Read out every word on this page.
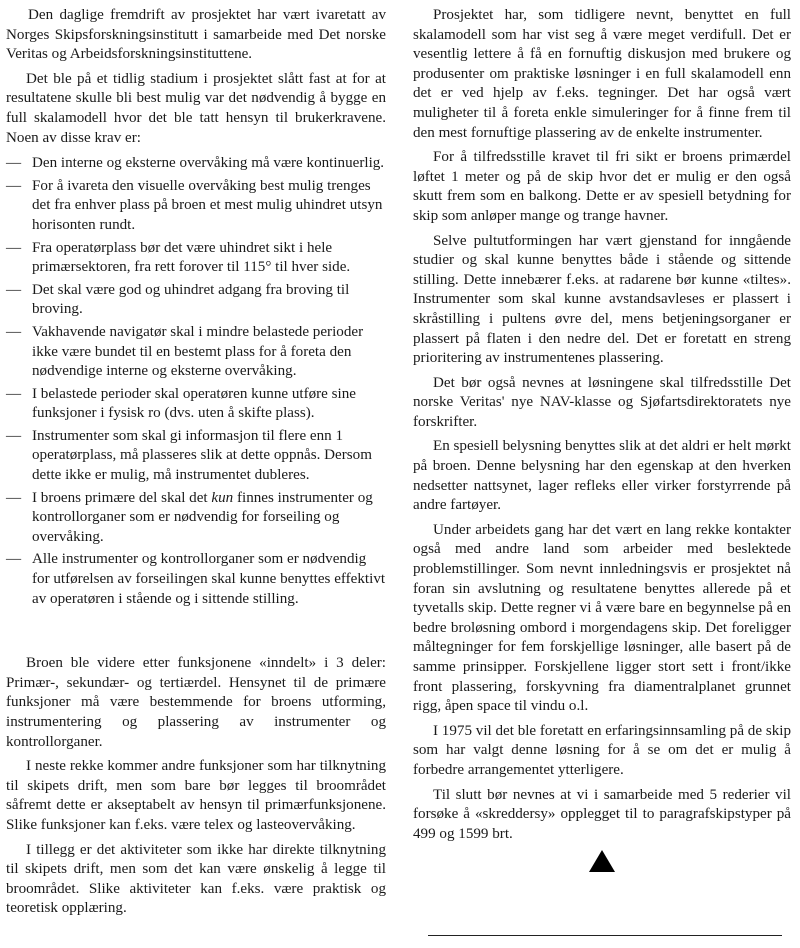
Den daglige fremdrift av prosjektet har vært ivaretatt av Norges Skipsforskningsinstitutt i samarbeide med Det norske Veritas og Arbeidsforskningsinstituttene.

Det ble på et tidlig stadium i prosjektet slått fast at for at resultatene skulle bli best mulig var det nødvendig å bygge en full skalamodell hvor det ble tatt hensyn til brukerkravene. Noen av disse krav er:

— Den interne og eksterne overvåking må være kontinuerlig.
— For å ivareta den visuelle overvåking best mulig trenges det fra enhver plass på broen et mest mulig uhindret utsyn horisonten rundt.
— Fra operatørplass bør det være uhindret sikt i hele primærsektoren, fra rett forover til 115° til hver side.
— Det skal være god og uhindret adgang fra broving til broving.
— Vakhavende navigatør skal i mindre belastede perioder ikke være bundet til en bestemt plass for å foreta den nødvendige interne og eksterne overvåking.
— I belastede perioder skal operatøren kunne utføre sine funksjoner i fysisk ro (dvs. uten å skifte plass).
— Instrumenter som skal gi informasjon til flere enn 1 operatørplass, må plasseres slik at dette oppnås. Dersom dette ikke er mulig, må instrumentet dubleres.
— I broens primære del skal det kun finnes instrumenter og kontrollorganer som er nødvendig for forseiling og overvåking.
— Alle instrumenter og kontrollorganer som er nødvendig for utførelsen av forseilingen skal kunne benyttes effektivt av operatøren i stående og i sittende stilling.

Broen ble videre etter funksjonene «inndelt» i 3 deler: Primær-, sekundær- og tertiærdel. Hensynet til de primære funksjoner må være bestemmende for broens utforming, instrumentering og plassering av instrumenter og kontrollorganer.

I neste rekke kommer andre funksjoner som har tilknytning til skipets drift, men som bare bør legges til broområdet såfremt dette er akseptabelt av hensyn til primærfunksjonene. Slike funksjoner kan f.eks. være telex og lasteovervåking.

I tillegg er det aktiviteter som ikke har direkte tilknytning til skipets drift, men som det kan være ønskelig å legge til broområdet. Slike aktiviteter kan f.eks. være praktisk og teoretisk opplæring.

Prosjektet har, som tidligere nevnt, benyttet en full skalamodell som har vist seg å være meget verdifull. Det er vesentlig lettere å få en fornuftig diskusjon med brukere og produsenter om praktiske løsninger i en full skalamodell enn det er ved hjelp av f.eks. tegninger. Det har også vært muligheter til å foreta enkle simuleringer for å finne frem til den mest fornuftige plassering av de enkelte instrumenter.

For å tilfredsstille kravet til fri sikt er broens primærdel løftet 1 meter og på de skip hvor det er mulig er den også skutt frem som en balkong. Dette er av spesiell betydning for skip som anløper mange og trange havner.

Selve pultutformingen har vært gjenstand for inngående studier og skal kunne benyttes både i stående og sittende stilling. Dette innebærer f.eks. at radarene bør kunne «tiltes». Instrumenter som skal kunne avstandsavleses er plassert i skråstilling i pultens øvre del, mens betjeningsorganer er plassert på flaten i den nedre del. Det er foretatt en streng prioritering av instrumentenes plassering.

Det bør også nevnes at løsningene skal tilfredsstille Det norske Veritas' nye NAV-klasse og Sjøfartsdirektoratets nye forskrifter.

En spesiell belysning benyttes slik at det aldri er helt mørkt på broen. Denne belysning har den egenskap at den hverken nedsetter nattsynet, lager refleks eller virker forstyrrende på andre fartøyer.

Under arbeidets gang har det vært en lang rekke kontakter også med andre land som arbeider med beslektede problemstillinger. Som nevnt innledningsvis er prosjektet nå foran sin avslutning og resultatene benyttes allerede på et tyvetalls skip. Dette regner vi å være bare en begynnelse på en bedre broløsning ombord i morgendagens skip. Det foreligger måltegninger for fem forskjellige løsninger, alle basert på de samme prinsipper. Forskjellene ligger stort sett i front/ikke front plassering, forskyvning fra diamentralplanet grunnet rigg, åpen space til vindu o.l.

I 1975 vil det ble foretatt en erfaringsinnsamling på de skip som har valgt denne løsning for å se om det er mulig å forbedre arrangementet ytterligere.

Til slutt bør nevnes at vi i samarbeide med 5 rederier vil forsøke å «skreddersy» opplegget til to paragrafskipstyper på 499 og 1599 brt.
